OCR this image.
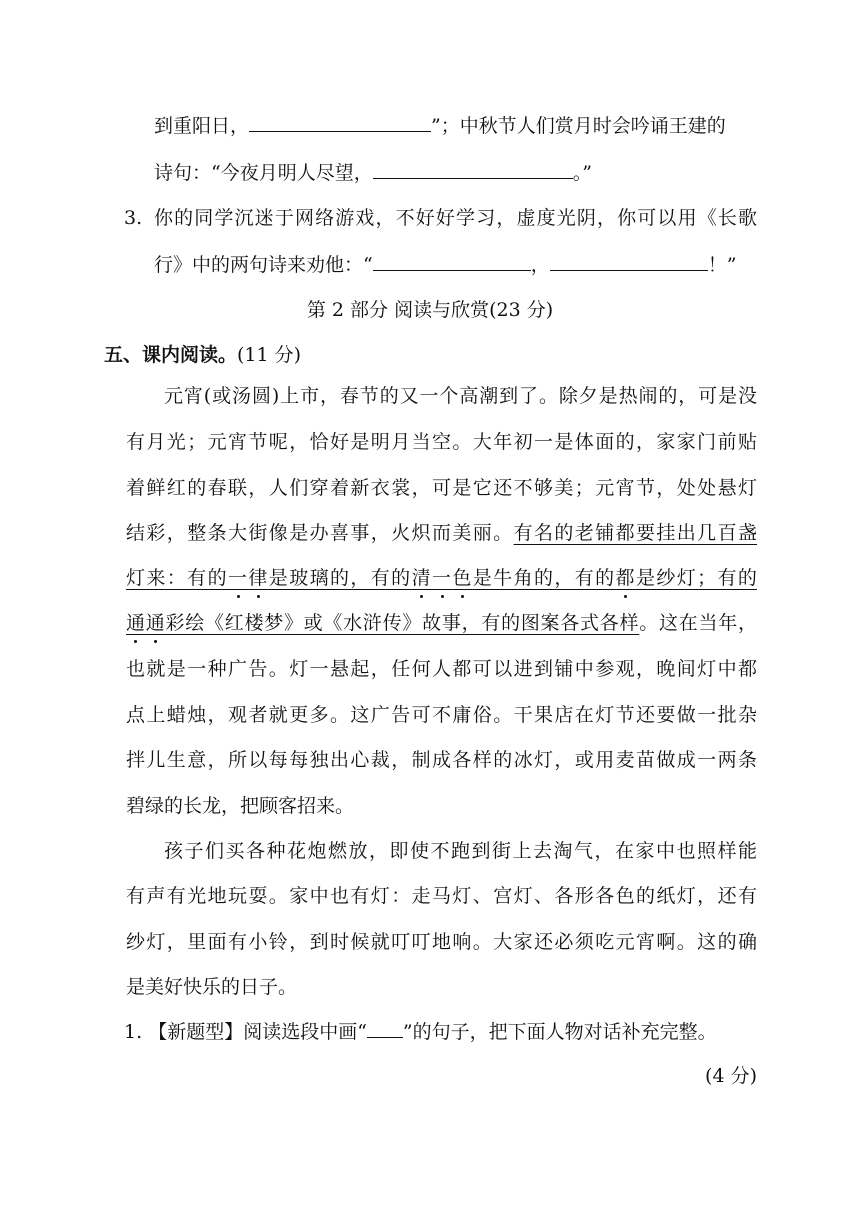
到重阳日，	”；中秋节人们赏月时会吟诵王建的
诗句：“今夜月明人尽望，	。”
3. 你的同学沉迷于网络游戏，不好好学习，虚度光阴，你可以用《长歌
行》中的两句诗来劝他：“	，	！”
第 2 部分 阅读与欣赏(23 分)
五、课内阅读。(11 分)
元宵(或汤圆)上市，春节的又一个高潮到了。除夕是热闹的，可是没
有月光；元宵节呢，恰好是明月当空。大年初一是体面的，家家门前贴
着鲜红的春联，人们穿着新衣裳，可是它还不够美；元宵节，处处悬灯
结彩，整条大街像是办喜事，火炽而美丽。有名的老铺都要挂出几百盏
灯来：有的一律是玻璃的，有的清一色是牛角的，有的都是纱灯；有的
通通彩绘《红楼梦》或《水浒传》故事，有的图案各式各样。这在当年，
也就是一种广告。灯一悬起，任何人都可以进到铺中参观，晚间灯中都
点上蜡烛，观者就更多。这广告可不庸俗。干果店在灯节还要做一批杂
拌儿生意，所以每每独出心裁，制成各样的冰灯，或用麦苗做成一两条
碧绿的长龙，把顾客招来。
孩子们买各种花炮燃放，即使不跑到街上去淘气，在家中也照样能
有声有光地玩耍。家中也有灯：走马灯、宫灯、各形各色的纸灯，还有
纱灯，里面有小铃，到时候就叮叮地响。大家还必须吃元宵啊。这的确
是美好快乐的日子。
1. 【新题型】阅读选段中画“ ”的句子，把下面人物对话补充完整。
(4 分)
